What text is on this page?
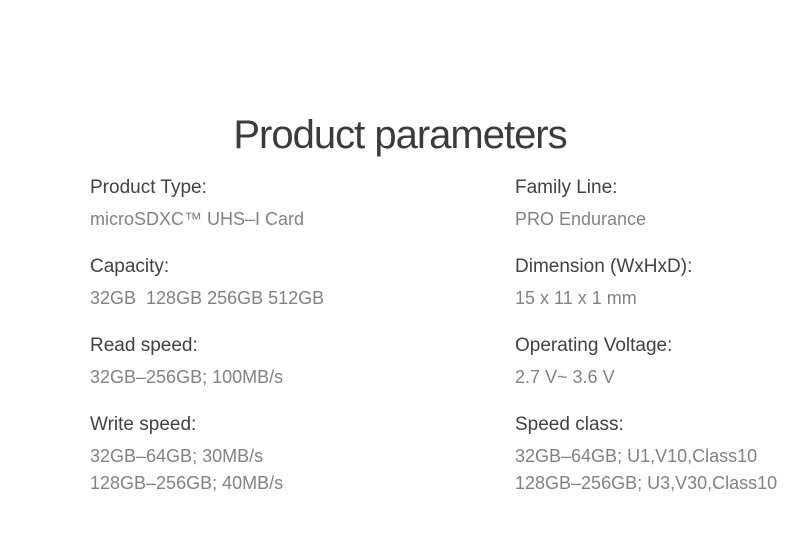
Product parameters
Product Type:
microSDXC™ UHS–I Card
Capacity:
32GB  128GB 256GB 512GB
Read speed:
32GB–256GB; 100MB/s
Write speed:
32GB–64GB; 30MB/s
128GB–256GB; 40MB/s
Family Line:
PRO Endurance
Dimension (WxHxD):
15 x 11 x 1 mm
Operating Voltage:
2.7 V~ 3.6 V
Speed class:
32GB–64GB; U1,V10,Class10
128GB–256GB; U3,V30,Class10
